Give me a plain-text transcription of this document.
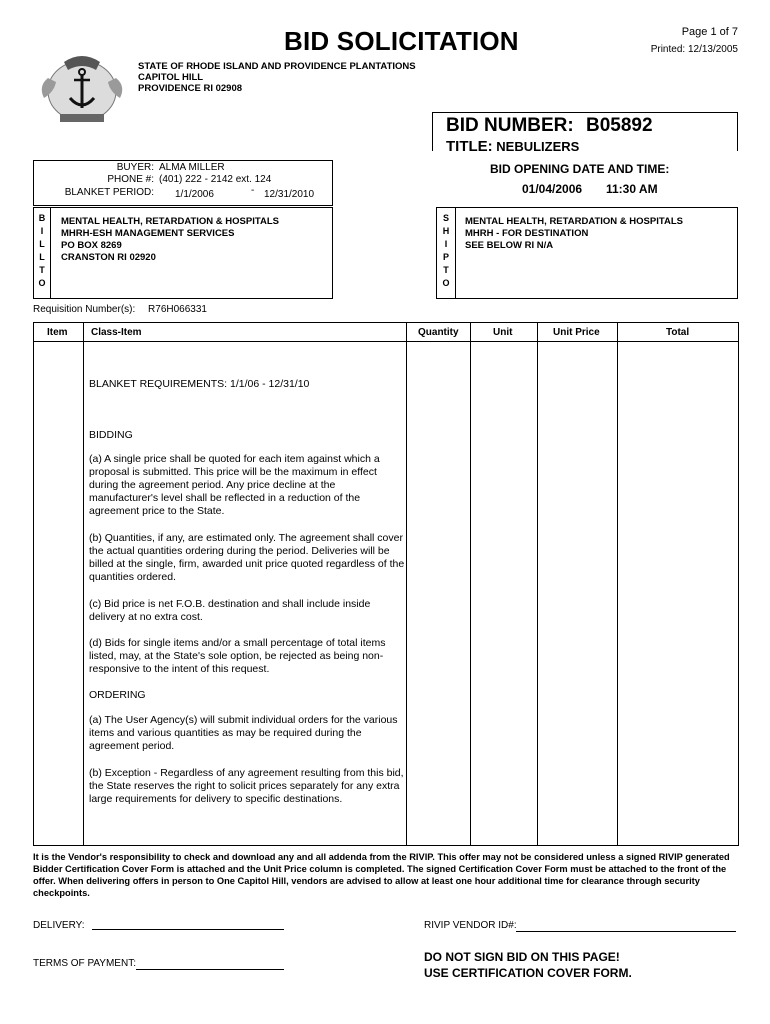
BID SOLICITATION	Page 1 of 7
Printed: 12/13/2005
STATE OF RHODE ISLAND AND PROVIDENCE PLANTATIONS
CAPITOL HILL
PROVIDENCE RI 02908
BID NUMBER: B05892
TITLE: NEBULIZERS
BID OPENING DATE AND TIME:
01/04/2006 11:30 AM
BUYER: ALMA MILLER
PHONE #: (401) 222 - 2142 ext. 124
BLANKET PERIOD: 1/1/2006	- 12/31/2010
B
I
L
L
T
O
MENTAL HEALTH, RETARDATION & HOSPITALS
MHRH-ESH MANAGEMENT SERVICES
PO BOX 8269
CRANSTON RI 02920
S
H
I
P
T
O
MENTAL HEALTH, RETARDATION & HOSPITALS
MHRH - FOR DESTINATION
SEE BELOW RI N/A
Requisition Number(s): R76H066331
Item Class-Item	Quantity	Unit	Unit Price	Total
BLANKET REQUIREMENTS: 1/1/06 - 12/31/10
BIDDING
(a) A single price shall be quoted for each item against which a proposal is submitted. This price will be the maximum in effect during the agreement period. Any price decline at the manufacturer's level shall be reflected in a reduction of the agreement price to the State.
(b) Quantities, if any, are estimated only. The agreement shall cover the actual quantities ordering during the period. Deliveries will be billed at the single, firm, awarded unit price quoted regardless of the quantities ordered.
(c) Bid price is net F.O.B. destination and shall include inside delivery at no extra cost.
(d) Bids for single items and/or a small percentage of total items listed, may, at the State's sole option, be rejected as being non-responsive to the intent of this request.
ORDERING
(a) The User Agency(s) will submit individual orders for the various items and various quantities as may be required during the agreement period.
(b) Exception - Regardless of any agreement resulting from this bid, the State reserves the right to solicit prices separately for any extra large requirements for delivery to specific destinations.
It is the Vendor's responsibility to check and download any and all addenda from the RIVIP. This offer may not be considered unless a signed RIVIP generated Bidder Certification Cover Form is attached and the Unit Price column is completed. The signed Certification Cover Form must be attached to the front of the offer. When delivering offers in person to One Capitol Hill, vendors are advised to allow at least one hour additional time for clearance through security checkpoints.
DELIVERY:	RIVIP VENDOR ID#:
TERMS OF PAYMENT:	DO NOT SIGN BID ON THIS PAGE!
USE CERTIFICATION COVER FORM.
